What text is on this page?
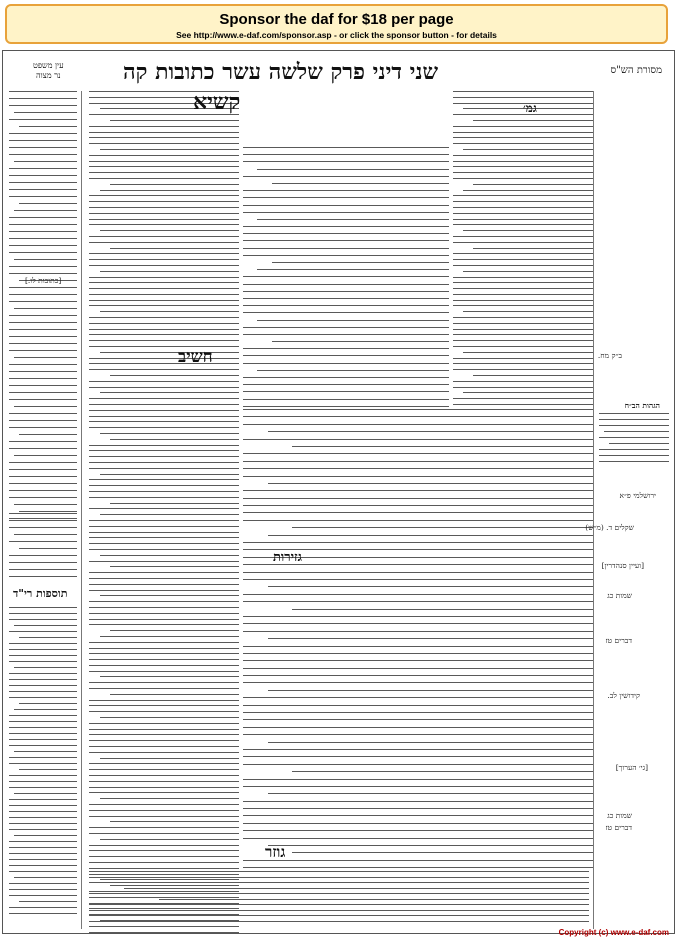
Sponsor the daf for $18 per page
See http://www.e-daf.com/sponsor.asp - or click the sponsor button - for details
עין משפט
נר מצוה	שני דיני פרק שלשה עשר כתובות קה	מסורת הש"ס
תוספות רי"ד
קשיא
חשיב
[כתובות לו.]
גזירות
גוזר
גמ׳
ב״ק מח.
הגהות הב״ח
ירושלמי פ״א
שקלים ד. (מ״ש)
[ועיין סנהדרין]
שמות כג
דברים טז
קידושין לב.
[גי׳ הערוך]
שמות כג
דברים טז
Copyright (c) www.e-daf.com
